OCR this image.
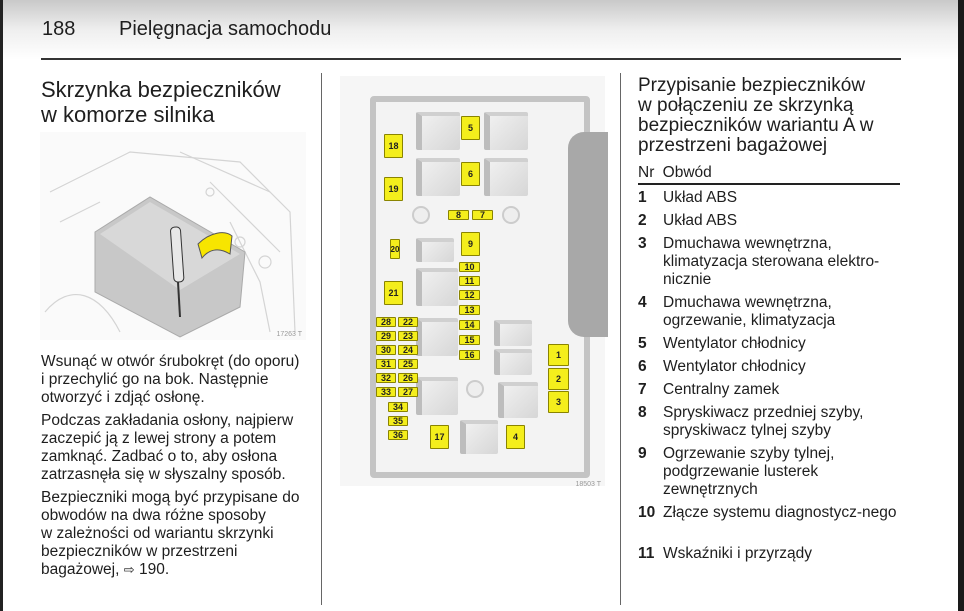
188 Pielęgnacja samochodu
Skrzynka bezpieczników
w komorze silnika
17263 T

Wsunąć w otwór śrubokręt (do oporu)
i przechylić go na bok. Następnie
otworzyć i zdjąć osłonę.

Podczas zakładania osłony, najpierw
zaczepić ją z lewej strony a potem
zamknąć. Zadbać o to, aby osłona
zatrzasnęła się w słyszalny sposób.

Bezpieczniki mogą być przypisane do
obwodów na dwa różne sposoby
w zależności od wariantu skrzynki
bezpieczników w przestrzeni
bagażowej, ⇨ 190.

5
6
18
19
8	7
9
20
21
10
11
12
13
14
15
16
28
29
30
31
32
33
22
23
24
25
26
27
34
35
36	17	4
1
2
3
18503 T
Przypisanie bezpieczników
w połączeniu ze skrzynką
bezpieczników wariantu A w
przestrzeni bagażowej
Nr Obwód
1	Układ ABS
2	Układ ABS
3	Dmuchawa wewnętrzna, klimatyzacja sterowana elektro-nicznie
4	Dmuchawa wewnętrzna, ogrzewanie, klimatyzacja
5	Wentylator chłodnicy
6	Wentylator chłodnicy
7	Centralny zamek
8	Spryskiwacz przedniej szyby, spryskiwacz tylnej szyby
9	Ogrzewanie szyby tylnej, podgrzewanie lusterek zewnętrznych
10 Złącze systemu diagnostycz-nego
11 Wskaźniki i przyrządy
